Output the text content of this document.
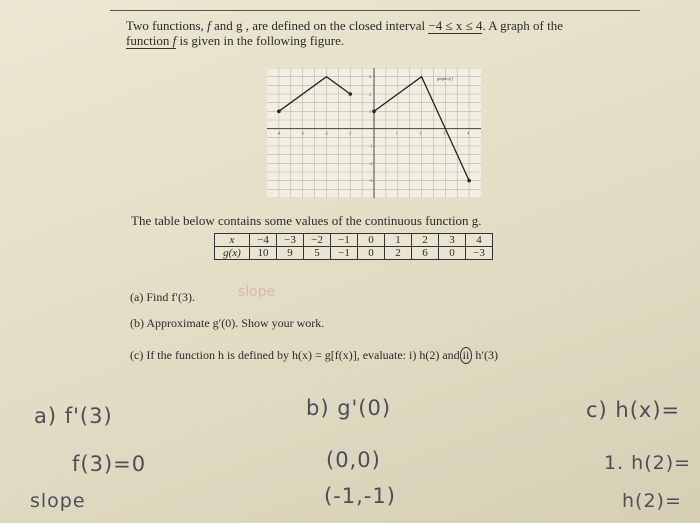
Two functions, f and g , are defined on the closed interval −4 ≤ x ≤ 4. A graph of the
function f is given in the following figure.
-4	-3	-2	-1	1	2	3	4
3
2
1
-1
-2
-3
graph of f
The table below contains some values of the continuous function g.
x	−4	−3	−2	−1	0	1	2	3	4
g(x)	10	9	5	−1	0	2	6	0	−3
slope
(a) Find f′(3).
(b) Approximate g′(0). Show your work.
(c) If the function h is defined by h(x) = g[f(x)], evaluate: i) h(2) and ii h′(3)
a) f'(3)
f(3)=0
slope
b) g'(0)
(0,0)
(-1,-1)
c) h(x)=
1. h(2)=
h(2)=
